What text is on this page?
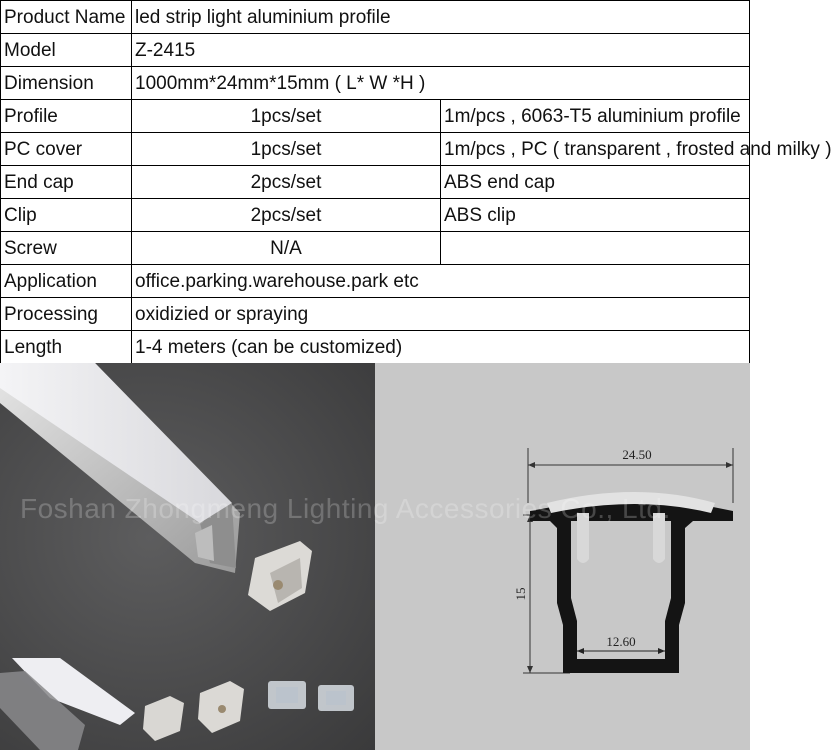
Product Name	led strip light aluminium profile	
Model	Z-2415	
Dimension	1000mm*24mm*15mm ( L* W *H )	
Profile	1pcs/set	1m/pcs , 6063-T5 aluminium profile
PC cover	1pcs/set	1m/pcs , PC ( transparent , frosted and milky )
End cap	2pcs/set	ABS end cap
Clip	2pcs/set	ABS clip
Screw	N/A	
Application	office.parking.warehouse.park etc	
Processing	oxidizied or spraying	
Length	1-4 meters (can be customized)	
24.50
15
12.60
Foshan Zhongmeng Lighting Accessories Co., Ltd.
